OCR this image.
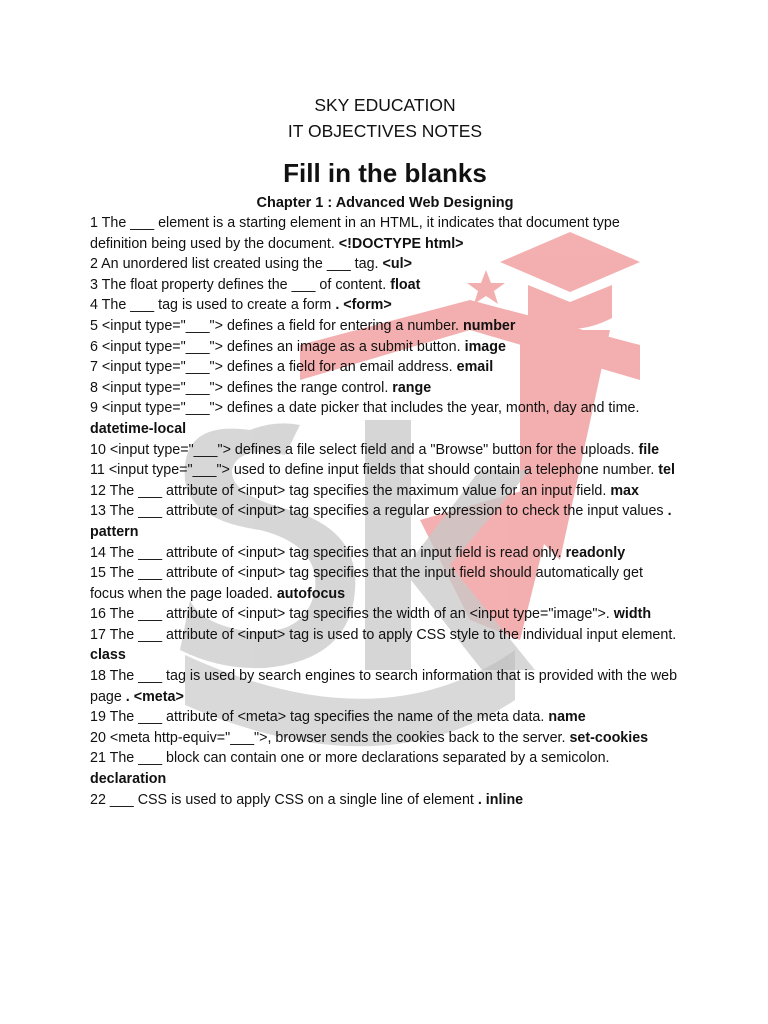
SKY EDUCATION
IT OBJECTIVES NOTES
Fill in the blanks
Chapter 1 : Advanced Web Designing
1 The ___ element is a starting element in an HTML, it indicates that document type definition being used by the document. <!DOCTYPE html>
2 An unordered list created using the ___ tag. <ul>
3 The float property defines the ___ of content. float
4 The ___ tag is used to create a form . <form>
5 <input type="___"> defines a field for entering a number. number
6 <input type="___"> defines an image as a submit button. image
7 <input type="___"> defines a field for an email address. email
8 <input type="___"> defines the range control. range
9 <input type="___"> defines a date picker that includes the year, month, day and time. datetime-local
10 <input type="___"> defines a file select field and a "Browse" button for the uploads. file
11 <input type="___"> used to define input fields that should contain a telephone number. tel
12 The ___ attribute of <input> tag specifies the maximum value for an input field. max
13 The ___ attribute of <input> tag specifies a regular expression to check the input values . pattern
14 The ___ attribute of <input> tag specifies that an input field is read only. readonly
15 The ___ attribute of <input> tag specifies that the input field should automatically get focus when the page loaded. autofocus
16 The ___ attribute of <input> tag specifies the width of an <input type="image">. width
17 The ___ attribute of <input> tag is used to apply CSS style to the individual input element. class
18 The ___ tag is used by search engines to search information that is provided with the web page . <meta>
19 The ___ attribute of <meta> tag specifies the name of the meta data. name
20 <meta http-equiv="___">, browser sends the cookies back to the server. set-cookies
21 The ___ block can contain one or more declarations separated by a semicolon. declaration
22 ___ CSS is used to apply CSS on a single line of element . inline
